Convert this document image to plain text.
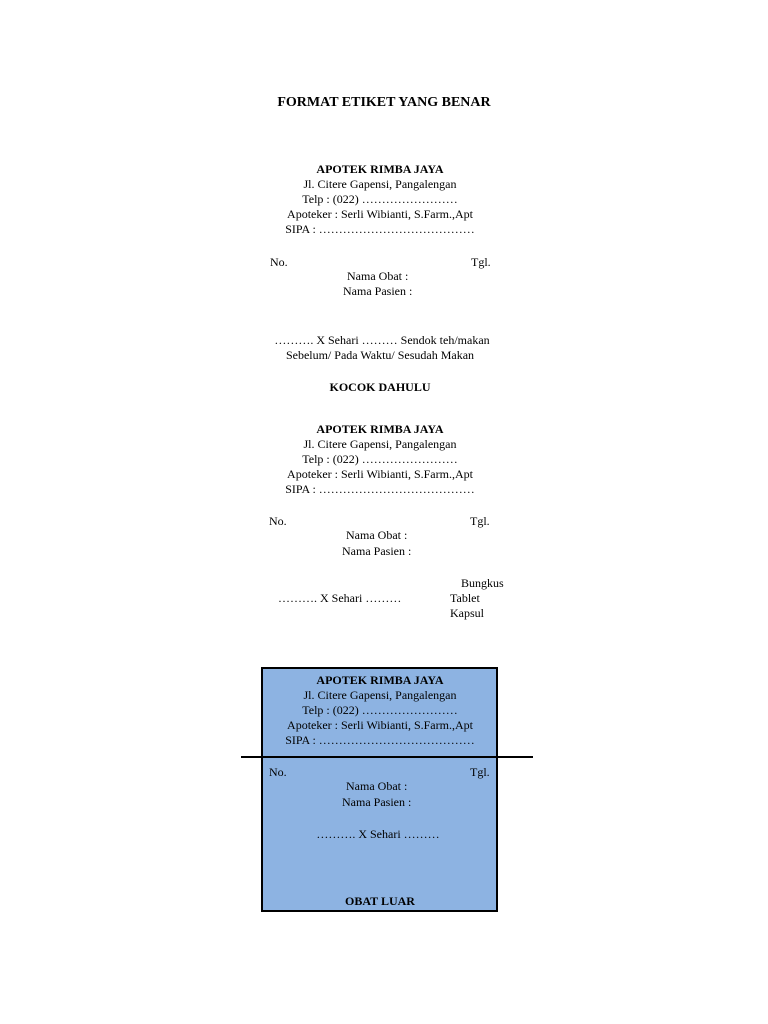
FORMAT ETIKET YANG BENAR
APOTEK RIMBA JAYA
Jl. Citere Gapensi, Pangalengan
Telp : (022) ……………………
Apoteker : Serli Wibianti, S.Farm.,Apt
SIPA : …………………………………
No.	Tgl.
Nama Obat :
Nama Pasien :
………. X Sehari ……… Sendok teh/makan
Sebelum/ Pada Waktu/ Sesudah Makan
KOCOK DAHULU
APOTEK RIMBA JAYA
Jl. Citere Gapensi, Pangalengan
Telp : (022) ……………………
Apoteker : Serli Wibianti, S.Farm.,Apt
SIPA : …………………………………
No.	Tgl.
Nama Obat :
Nama Pasien :
………. X Sehari ………
Bungkus
Tablet
Kapsul
APOTEK RIMBA JAYA
Jl. Citere Gapensi, Pangalengan
Telp : (022) ……………………
Apoteker : Serli Wibianti, S.Farm.,Apt
SIPA : …………………………………
No.	Tgl.
Nama Obat :
Nama Pasien :
………. X Sehari ………
OBAT LUAR
